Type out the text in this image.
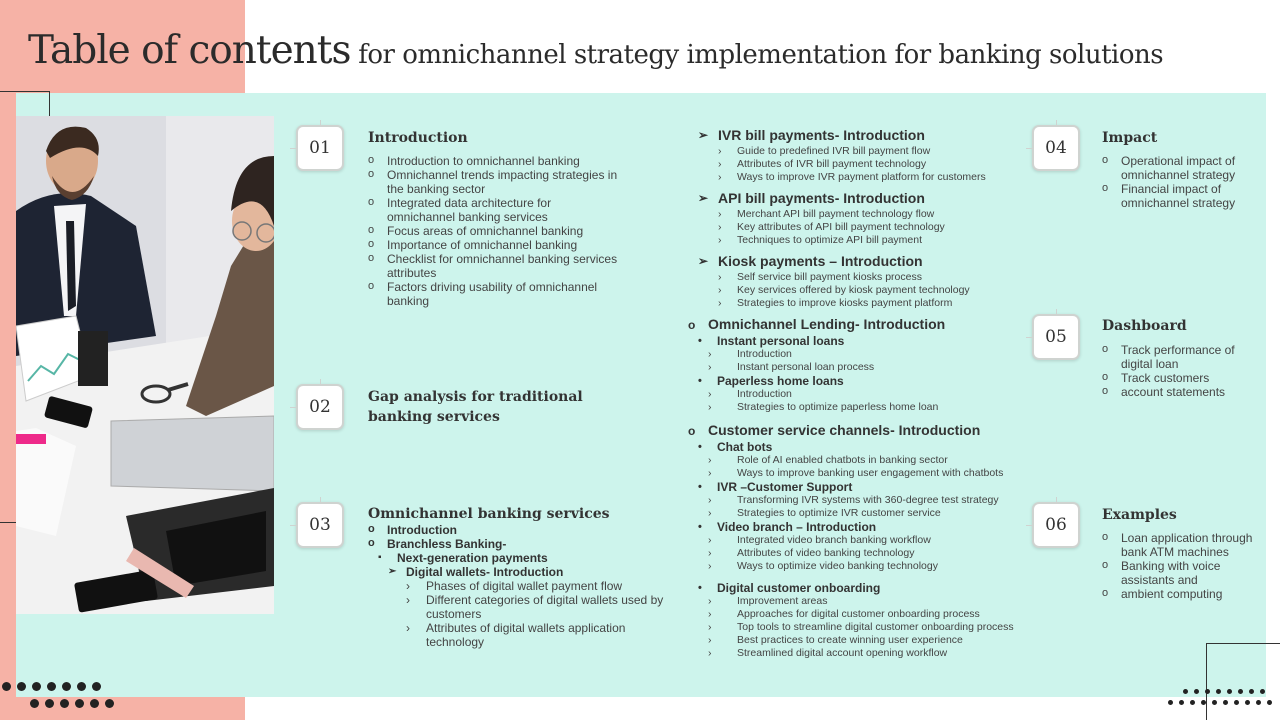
Table of contents for omnichannel strategy implementation for banking solutions
01	Introduction
o Introduction to omnichannel banking
o Omnichannel trends impacting strategies in the banking sector
o Integrated data architecture for omnichannel banking services
o Focus areas of omnichannel banking
o Importance of omnichannel banking
o Checklist for omnichannel banking services attributes
o Factors driving usability of omnichannel banking
02	Gap analysis for traditional
banking services
03
Omnichannel banking services
o Introduction
o Branchless Banking-
▪ Next-generation payments
➢ Digital wallets- Introduction
› Phases of digital wallet payment flow
› Different categories of digital wallets used by customers
› Attributes of digital wallets application technology
➢ IVR bill payments- Introduction
› Guide to predefined IVR bill payment flow
› Attributes of IVR bill payment technology
› Ways to improve IVR payment platform for customers
➢ API bill payments- Introduction
› Merchant API bill payment technology flow
› Key attributes of API bill payment technology
› Techniques to optimize API bill payment
➢ Kiosk payments – Introduction
› Self service bill payment kiosks process
› Key services offered by kiosk payment technology
› Strategies to improve kiosks payment platform
o Omnichannel Lending- Introduction
• Instant personal loans
› Introduction
› Instant personal loan process
• Paperless home loans
› Introduction
› Strategies to optimize paperless home loan
o Customer service channels- Introduction
• Chat bots
› Role of AI enabled chatbots in banking sector
› Ways to improve banking user engagement with chatbots
• IVR –Customer Support
› Transforming IVR systems with 360-degree test strategy
› Strategies to optimize IVR customer service
• Video branch – Introduction
› Integrated video branch banking workflow
› Attributes of video banking technology
› Ways to optimize video banking technology
• Digital customer onboarding
› Improvement areas
› Approaches for digital customer onboarding process
› Top tools to streamline digital customer onboarding process
› Best practices to create winning user experience
› Streamlined digital account opening workflow
04	Impact
o Operational impact of omnichannel strategy
o Financial impact of omnichannel strategy
05
Dashboard
o Track performance of digital loan
o Track customers
o account statements
06	Examples
o Loan application through bank ATM machines
o Banking with voice assistants and
o ambient computing
